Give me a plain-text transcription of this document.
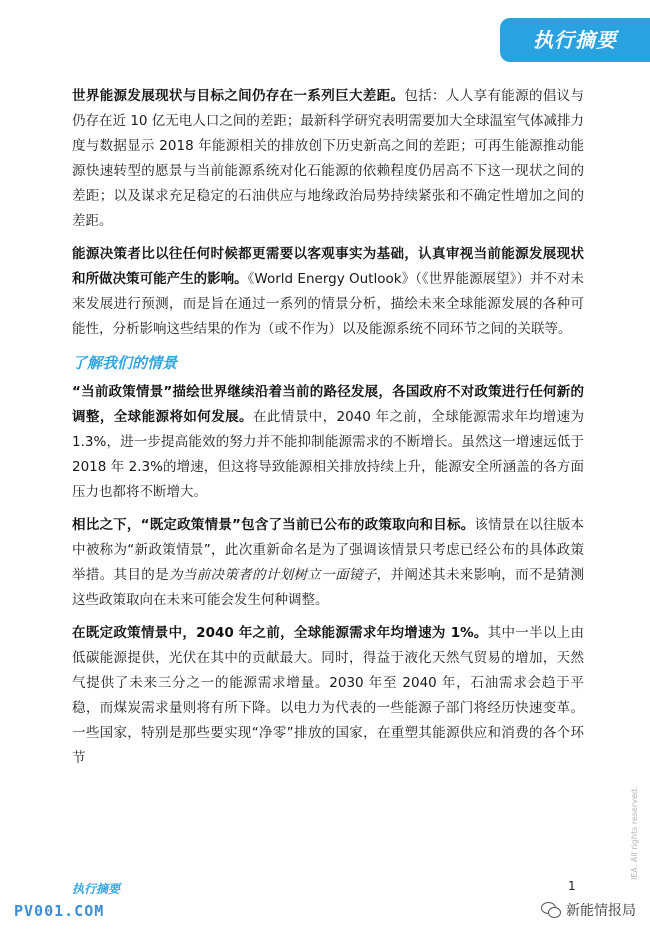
执行摘要

世界能源发展现状与目标之间仍存在一系列巨大差距。包括：人人享有能源的倡议与仍存在近 10 亿无电人口之间的差距；最新科学研究表明需要加大全球温室气体减排力度与数据显示 2018 年能源相关的排放创下历史新高之间的差距；可再生能源推动能源快速转型的愿景与当前能源系统对化石能源的依赖程度仍居高不下这一现状之间的差距；以及谋求充足稳定的石油供应与地缘政治局势持续紧张和不确定性增加之间的差距。

能源决策者比以往任何时候都更需要以客观事实为基础，认真审视当前能源发展现状和所做决策可能产生的影响。《World Energy Outlook》（《世界能源展望》）并不对未来发展进行预测，而是旨在通过一系列的情景分析，描绘未来全球能源发展的各种可能性，分析影响这些结果的作为（或不作为）以及能源系统不同环节之间的关联等。

了解我们的情景

“当前政策情景”描绘世界继续沿着当前的路径发展，各国政府不对政策进行任何新的调整，全球能源将如何发展。在此情景中，2040 年之前，全球能源需求年均增速为 1.3%，进一步提高能效的努力并不能抑制能源需求的不断增长。虽然这一增速远低于 2018 年 2.3%的增速，但这将导致能源相关排放持续上升，能源安全所涵盖的各方面压力也都将不断增大。

相比之下，“既定政策情景”包含了当前已公布的政策取向和目标。该情景在以往版本中被称为“新政策情景”，此次重新命名是为了强调该情景只考虑已经公布的具体政策举措。其目的是为当前决策者的计划树立一面镜子，并阐述其未来影响，而不是猜测这些政策取向在未来可能会发生何种调整。

在既定政策情景中，2040 年之前，全球能源需求年均增速为 1%。其中一半以上由低碳能源提供，光伏在其中的贡献最大。同时，得益于液化天然气贸易的增加，天然气提供了未来三分之一的能源需求增量。2030 年至 2040 年，石油需求会趋于平稳，而煤炭需求量则将有所下降。以电力为代表的一些能源子部门将经历快速变革。一些国家，特别是那些要实现“净零”排放的国家，在重塑其能源供应和消费的各个环节

IEA. All rights reserved.
执行摘要	1
PV001.COM	新能情报局
